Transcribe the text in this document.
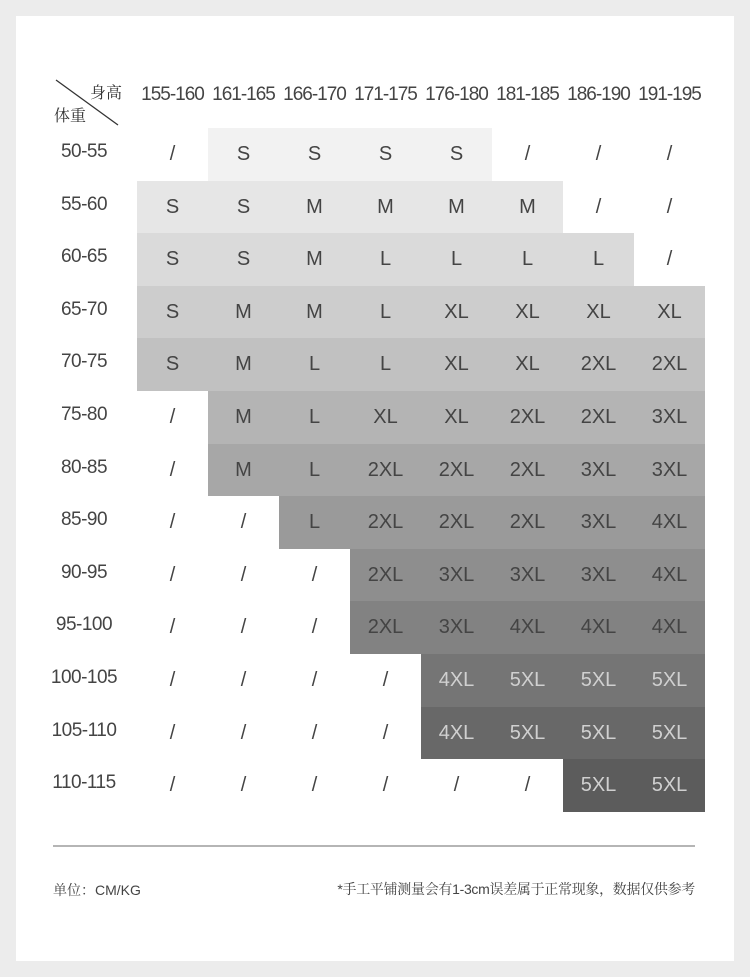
身高
体重
155-160 161-165 166-170 171-175 176-180 181-185 186-190 191-195
50-55	/	S	S	S	S	/	/	/
55-60	S	S	M	M	M	M	/	/
60-65	S	S	M	L	L	L	L	/
65-70	S	M	M	L	XL	XL	XL	XL
70-75	S	M	L	L	XL	XL	2XL	2XL
75-80	/	M	L	XL	XL	2XL	2XL	3XL
80-85	/	M	L	2XL	2XL	2XL	3XL	3XL
85-90	/	/	L	2XL	2XL	2XL	3XL	4XL
90-95	/	/	/	2XL	3XL	3XL	3XL	4XL
95-100	/	/	/	2XL	3XL	4XL	4XL	4XL
100-105	/	/	/	/	4XL	5XL	5XL	5XL
105-110	/	/	/	/	4XL	5XL	5XL	5XL
110-115	/	/	/	/	/	/	5XL	5XL
单位：CM/KG	*手工平铺测量会有1-3cm误差属于正常现象，数据仅供参考
